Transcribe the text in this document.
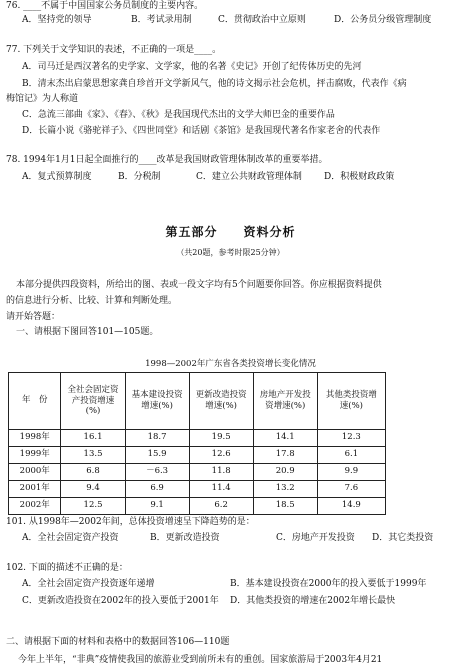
76. ____不属于中国国家公务员制度的主要内容。
A．坚持党的领导	B．考试录用制	C．贯彻政治中立原则	D．公务员分级管理制度
77. 下列关于文学知识的表述，不正确的一项是____。
A．司马迁是西汉著名的史学家、文学家，他的名著《史记》开创了纪传体历史的先河
B．清末杰出启蒙思想家龚自珍首开文学新风气，他的诗文揭示社会危机，抨击腐败，代表作《病
梅馆记》为人称道
C．急流三部曲《家》、《春》、《秋》是我国现代杰出的文学大师巴金的重要作品
D．长篇小说《骆驼祥子》、《四世同堂》和话剧《茶馆》是我国现代著名作家老舍的代表作
78. 1994年1月1日起全面推行的____改革是我国财政管理体制改革的重要举措。
A．复式预算制度	B．分税制	C．建立公共财政管理体制 D．积极财政政策
第五部分　　资料分析
（共20题，参考时限25分钟）
本部分提供四段资料，所给出的图、表或一段文字均有5个问题要你回答。你应根据资料提供
的信息进行分析、比较、计算和判断处理。
请开始答题：
一、请根据下图回答101—105题。
1998—2002年广东省各类投资增长变化情况
年　份	全社会固定资产投资增速(%)	基本建设投资增速(%)	更新改造投资增速(%)	房地产开发投资增速(%)	其他类投资增速(%)

1998年	16.1	18.7	19.5	14.1	12.3
1999年	13.5	15.9	12.6	17.8	6.1
2000年	6.8	－6.3	11.8	20.9	9.9
2001年	9.4	6.9	11.4	13.2	7.6
2002年	12.5	9.1	6.2	18.5	14.9
101. 从1998年—2002年间，总体投资增速呈下降趋势的是：
A．全社会固定资产投资	B．更新改造投资	C．房地产开发投资 D．其它类投资
102. 下面的描述不正确的是：
A．全社会固定资产投资逐年递增	B．基本建设投资在2000年的投入要低于1999年
C．更新改造投资在2002年的投入要低于2001年 D．其他类投资的增速在2002年增长最快
二、请根据下面的材料和表格中的数据回答106—110题
今年上半年，“非典”疫情使我国的旅游业受到前所未有的重创。国家旅游局于2003年4月21
